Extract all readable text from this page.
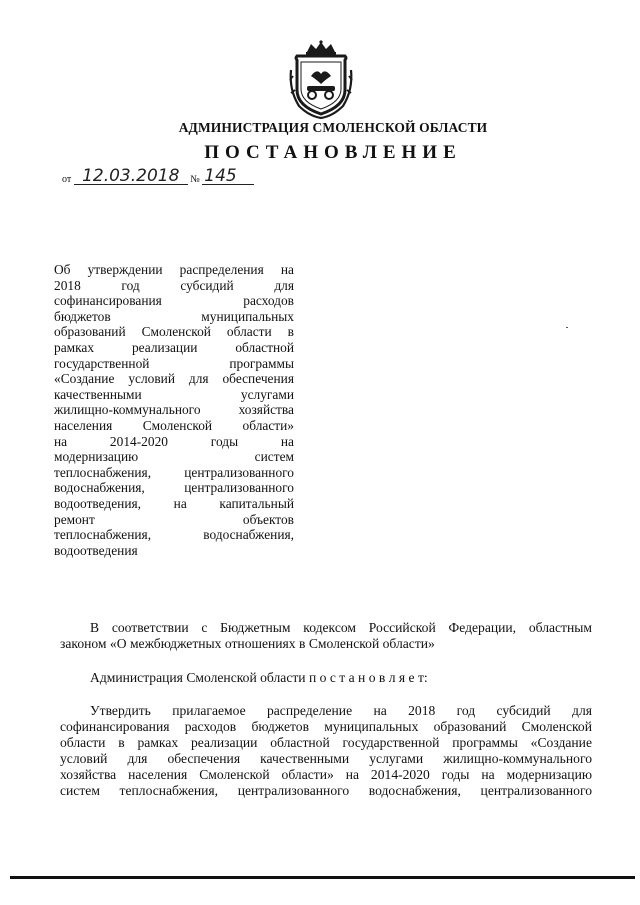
АДМИНИСТРАЦИЯ СМОЛЕНСКОЙ ОБЛАСТИ
ПОСТАНОВЛЕНИЕ
от 12.03.2018 № 145
Об утверждении распределения на
2018 год субсидий для
софинансирования расходов
бюджетов муниципальных
образований Смоленской области в
рамках реализации областной
государственной программы
«Создание условий для обеспечения
качественными услугами
жилищно-коммунального хозяйства
населения Смоленской области»
на 2014-2020 годы на
модернизацию систем
теплоснабжения, централизованного
водоснабжения, централизованного
водоотведения, на капитальный
ремонт объектов
теплоснабжения, водоснабжения,
водоотведения
В соответствии с Бюджетным кодексом Российской Федерации, областным
законом «О межбюджетных отношениях в Смоленской области»
Администрация Смоленской области п о с т а н о в л я е т:
Утвердить прилагаемое распределение на 2018 год субсидий для
софинансирования расходов бюджетов муниципальных образований Смоленской
области в рамках реализации областной государственной программы «Создание
условий для обеспечения качественными услугами жилищно-коммунального
хозяйства населения Смоленской области» на 2014-2020 годы на модернизацию
систем теплоснабжения, централизованного водоснабжения, централизованного
